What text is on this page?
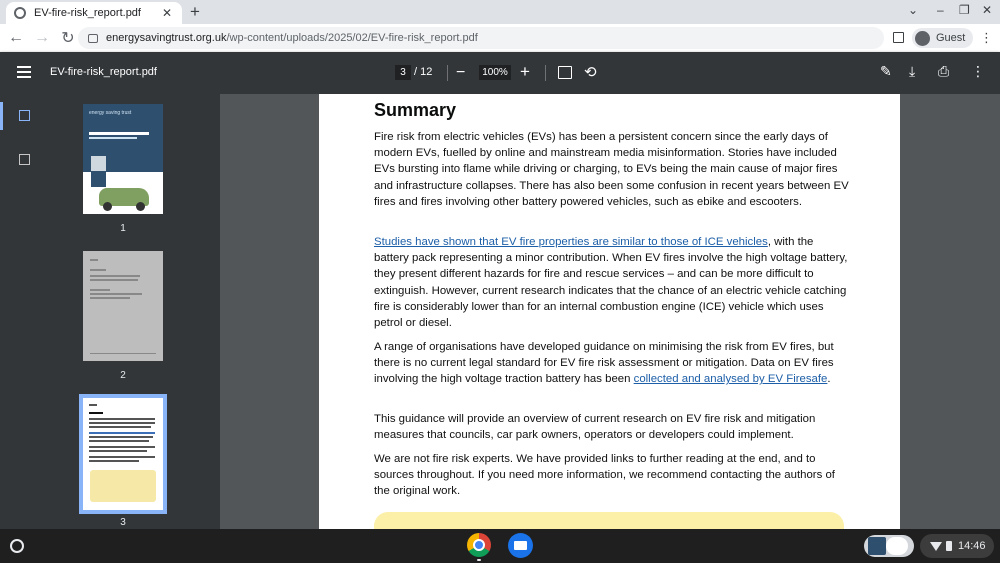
EV-fire-risk_report.pdf	✕ +	⌄ – ❐ ✕
← → ↻	energysavingtrust.org.uk/wp-content/uploads/2025/02/EV-fire-risk_report.pdf	Guest ⋮
EV-fire-risk_report.pdf	3 / 12 −	100% +	⟲	✎ ⤓ ⎙ ⋮
energy saving trust
1
2
3
Summary

Fire risk from electric vehicles (EVs) has been a persistent concern since the early days of modern EVs, fuelled by online and mainstream media misinformation. Stories have included EVs bursting into flame while driving or charging, to EVs being the main cause of major fires and infrastructure collapses. There has also been some confusion in recent years between EV fires and fires involving other battery powered vehicles, such as ebike and escooters.

Studies have shown that EV fire properties are similar to those of ICE vehicles, with the battery pack representing a minor contribution. When EV fires involve the high voltage battery, they present different hazards for fire and rescue services – and can be more difficult to extinguish. However, current research indicates that the chance of an electric vehicle catching fire is considerably lower than for an internal combustion engine (ICE) vehicle which uses petrol or diesel.

A range of organisations have developed guidance on minimising the risk from EV fires, but there is no current legal standard for EV fire risk assessment or mitigation. Data on EV fires involving the high voltage traction battery has been collected and analysed by EV Firesafe.

This guidance will provide an overview of current research on EV fire risk and mitigation measures that councils, car park owners, operators or developers could implement.

We are not fire risk experts. We have provided links to further reading at the end, and to sources throughout. If you need more information, we recommend contacting the authors of the original work.

14:46
